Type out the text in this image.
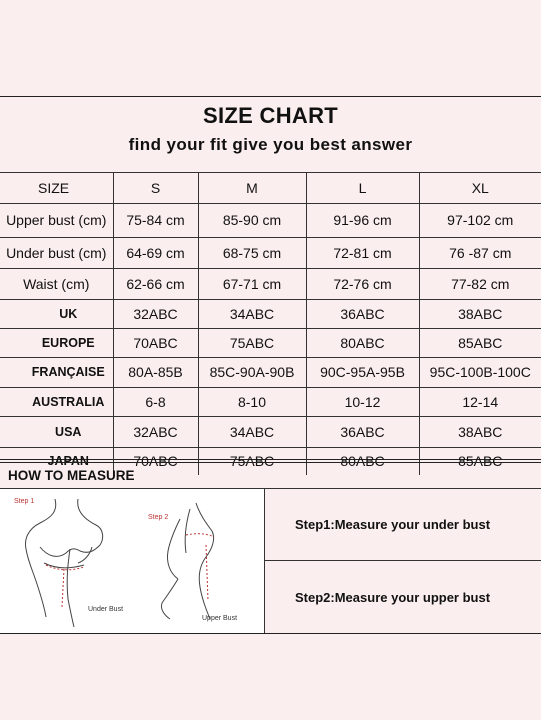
SIZE CHART
find your fit give you best answer
SIZE	S	M	L	XL
Upper bust (cm)	75-84 cm	85-90 cm	91-96 cm	97-102 cm
Under bust (cm)	64-69 cm	68-75 cm	72-81 cm	76 -87 cm
Waist (cm)	62-66 cm	67-71 cm	72-76 cm	77-82 cm
UK	32ABC	34ABC	36ABC	38ABC
EUROPE	70ABC	75ABC	80ABC	85ABC
FRANÇAISE	80A-85B	85C-90A-90B	90C-95A-95B	95C-100B-100C
AUSTRALIA	6-8	8-10	10-12	12-14
USA	32ABC	34ABC	36ABC	38ABC
JAPAN	70ABC	75ABC	80ABC	85ABC
HOW TO MEASURE
Step 1
Under Bust
Step 2
Upper Bust
Step1:Measure your under bust
Step2:Measure your upper bust
